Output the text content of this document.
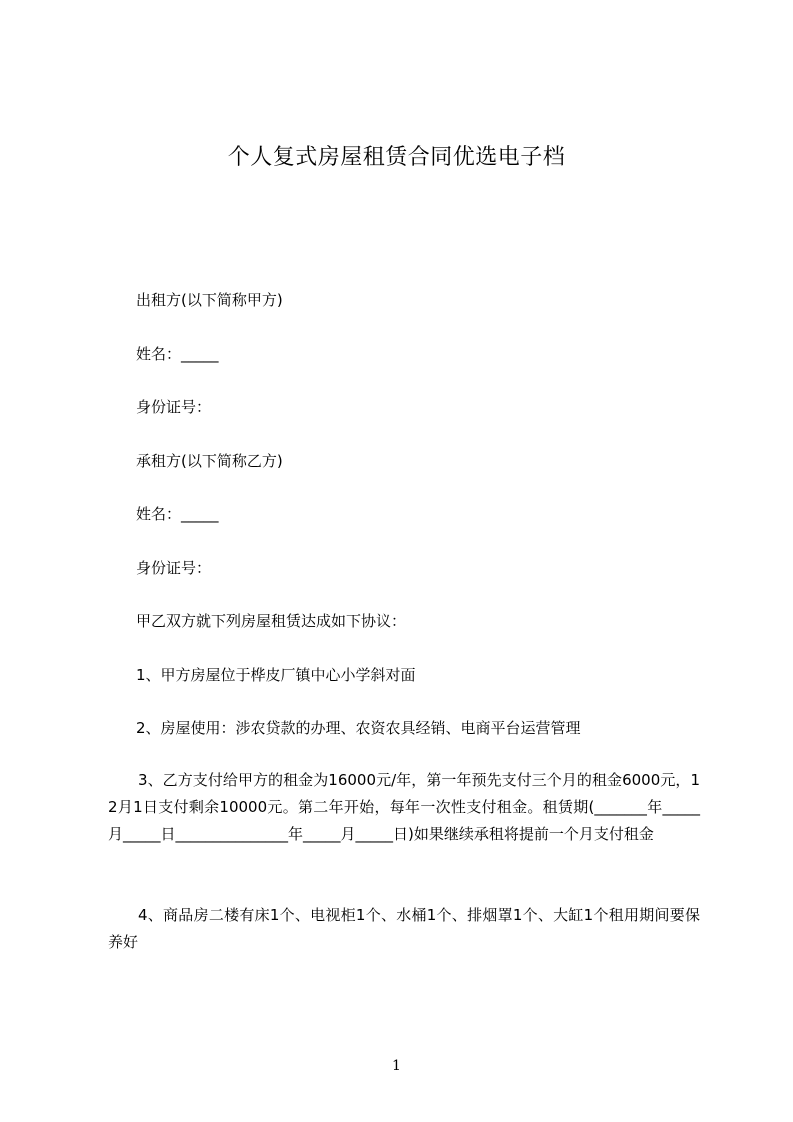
个人复式房屋租赁合同优选电子档
出租方(以下简称甲方)
姓名：_____
身份证号：
承租方(以下简称乙方)
姓名：_____
身份证号：
甲乙双方就下列房屋租赁达成如下协议：
1、甲方房屋位于桦皮厂镇中心小学斜对面
2、房屋使用：涉农贷款的办理、农资农具经销、电商平台运营管理
3、乙方支付给甲方的租金为16000元/年，第一年预先支付三个月的租金6000元，12月1日支付剩余10000元。第二年开始，每年一次性支付租金。租赁期(_______年_____月_____日_______________年_____月_____日)如果继续承租将提前一个月支付租金
4、商品房二楼有床1个、电视柜1个、水桶1个、排烟罩1个、大缸1个租用期间要保养好
1
